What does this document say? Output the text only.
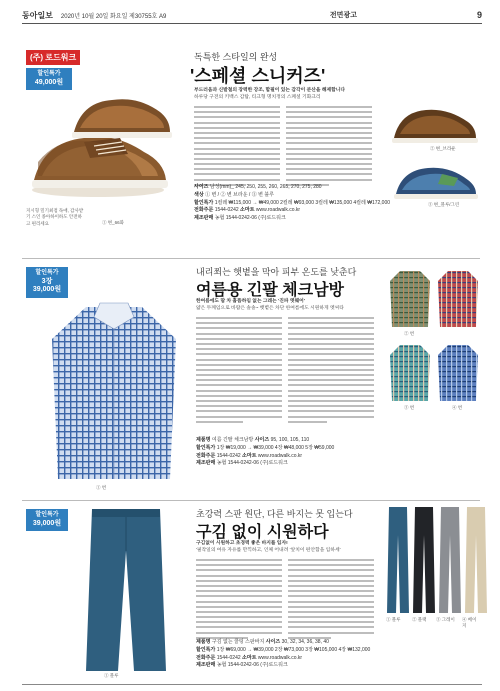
동아일보 2020년 10월 20일 화요일 제30755호 A9	전면광고	9
(주) 로드워크
할인특가
49,000원
지시형 밀기최점 독애, 감사받기 스인 종아하이하도 안전하고 편리세요	① 변_66화
독특한 스타일의 완성
'스페셜 스니커즈'
부드러움과 신발철의 장력한 강조, 합필이 있는 감각이 분산을 해제합니다
하루당 구전의 키백스 감탑, 티크형 명치정의 스페셜 기화크리
② 변_브라운
③ 변_블루/그린
사이즈 남성(mm)_ 245, 250, 255, 260, 265, 270, 275, 280
색상 ① 변 / ② 변 브라운 / ③ 변 블루
할인특가 1컬레 ₩115,000 → ₩49,000 2컬레 ₩93,000 3컬레 ₩135,000 4컬레 ₩172,000
전화주문 1544-0242 소마트 www.roadwalk.co.kr
제조판매 농협 1544-0242-06 (주)로드워크
할인특가
3장
39,000원
① 번
내리쬐는 햇볕을 막아 피부 온도를 낮춘다
여름용 긴팔 체크남방
한여름에도 땀 차 흡뜸하임 없는 그레는 '진파 엣웨어'
얇은 두께임으로 바람은 솔솔~ 햇볕은 차단 한여름에도 시원하게 엣씨타
② 번
③ 번	④ 번
제품명 여름 긴팔 체크남방 사이즈 95, 100, 105, 110
할인특가 1장 ₩19,000 → ₩39,000 4장 ₩48,000 5장 ₩59,000
전화주문 1544-0242 소마트 www.roadwalk.co.kr
제조판매 농협 1544-0242-06 (주)로드워크
할인특가
39,000원
① 블루
초강력 스판 원단, 다른 바지는 못 입는다
구김 없이 시원하다
구김없이 시원하고 초경력 좋은 바지를 입자!
'필작일의 여유 자유를 만끽하고, 인체 어내려 '앞치이 편안함을 입하세'
① 블루	② 블랙 ③ 그레이 ④ 베이지
제품명 구김 없는 쿨팅 스판바지 사이즈 30, 32, 34, 36, 38, 40
할인특가 1장 ₩69,000 → ₩39,000 2장 ₩73,000 3장 ₩105,000 4장 ₩132,000
전화주문 1544-0242 소마트 www.roadwalk.co.kr
제조판매 농협 1544-0242-06 (주)로드워크
